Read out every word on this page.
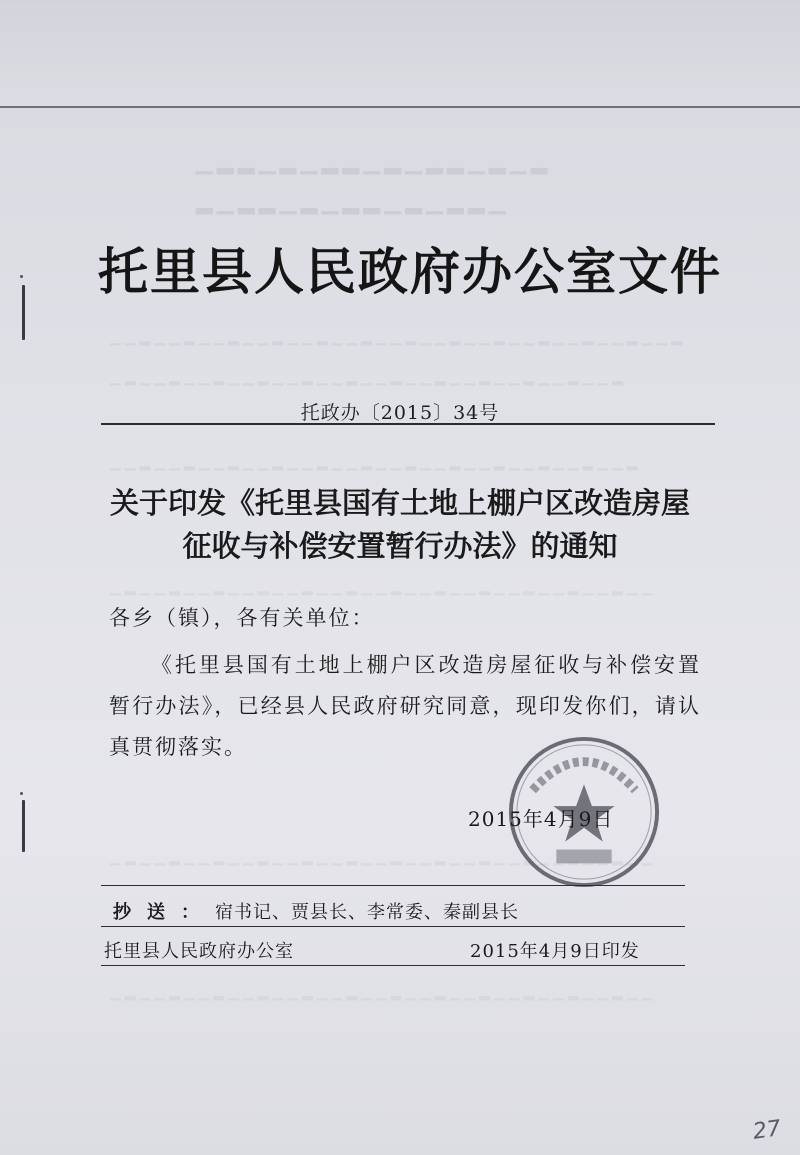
▁▂▂▁▂▁▂▂▁▂▁▂▂▁▂▁▂
▂▁▂▂▁▂▁▂▂▁▂▁▂▂▁
▁▁▂▁▁▂▁▁▂▁▁▂▁▁▂▁▁▂▁▁▂▁▁▂▁▁▂▁▁▂▁▁▂▁▁▂▁▁▂
▁▂▁▁▂▁▁▂▁▁▂▁▁▂▁▁▂▁▁▂▁▁▂▁▁▂▁▁▂▁▁▂▁▁▂
▁▁▂▁▁▂▁▁▂▁▁▂▁▁▂▁▁▂▁▁▂▁▁▂▁▁▂▁▁▂▁▁▂▁▁▂
▁▂▁▁▂▁▁▂▁▁▂▁▁▂▁▁▂▁▁▂▁▁▂▁▁▂▁▁▂▁▁▂▁▁▂▁▁
▁▂▁▁▂▁▁▂▁▁▂▁▁▂▁▁▂▁▁▂▁▁▂▁▁▂▁▁▂▁▁▂▁▁▂▁▁
▁▂▁▁▂▁▁▂▁▁▂▁▁▂▁▁▂▁▁▂▁▁▂▁▁▂▁▁▂▁▁▂▁▁▂▁▁
托里县人民政府办公室文件
托政办〔2015〕34号
关于印发《托里县国有土地上棚户区改造房屋
征收与补偿安置暂行办法》的通知
各乡（镇），各有关单位：
《托里县国有土地上棚户区改造房屋征收与补偿安置暂行办法》，已经县人民政府研究同意，现印发你们，请认真贯彻落实。
2015年4月9日
抄送：宿书记、贾县长、李常委、秦副县长
托里县人民政府办公室	2015年4月9日印发
27
